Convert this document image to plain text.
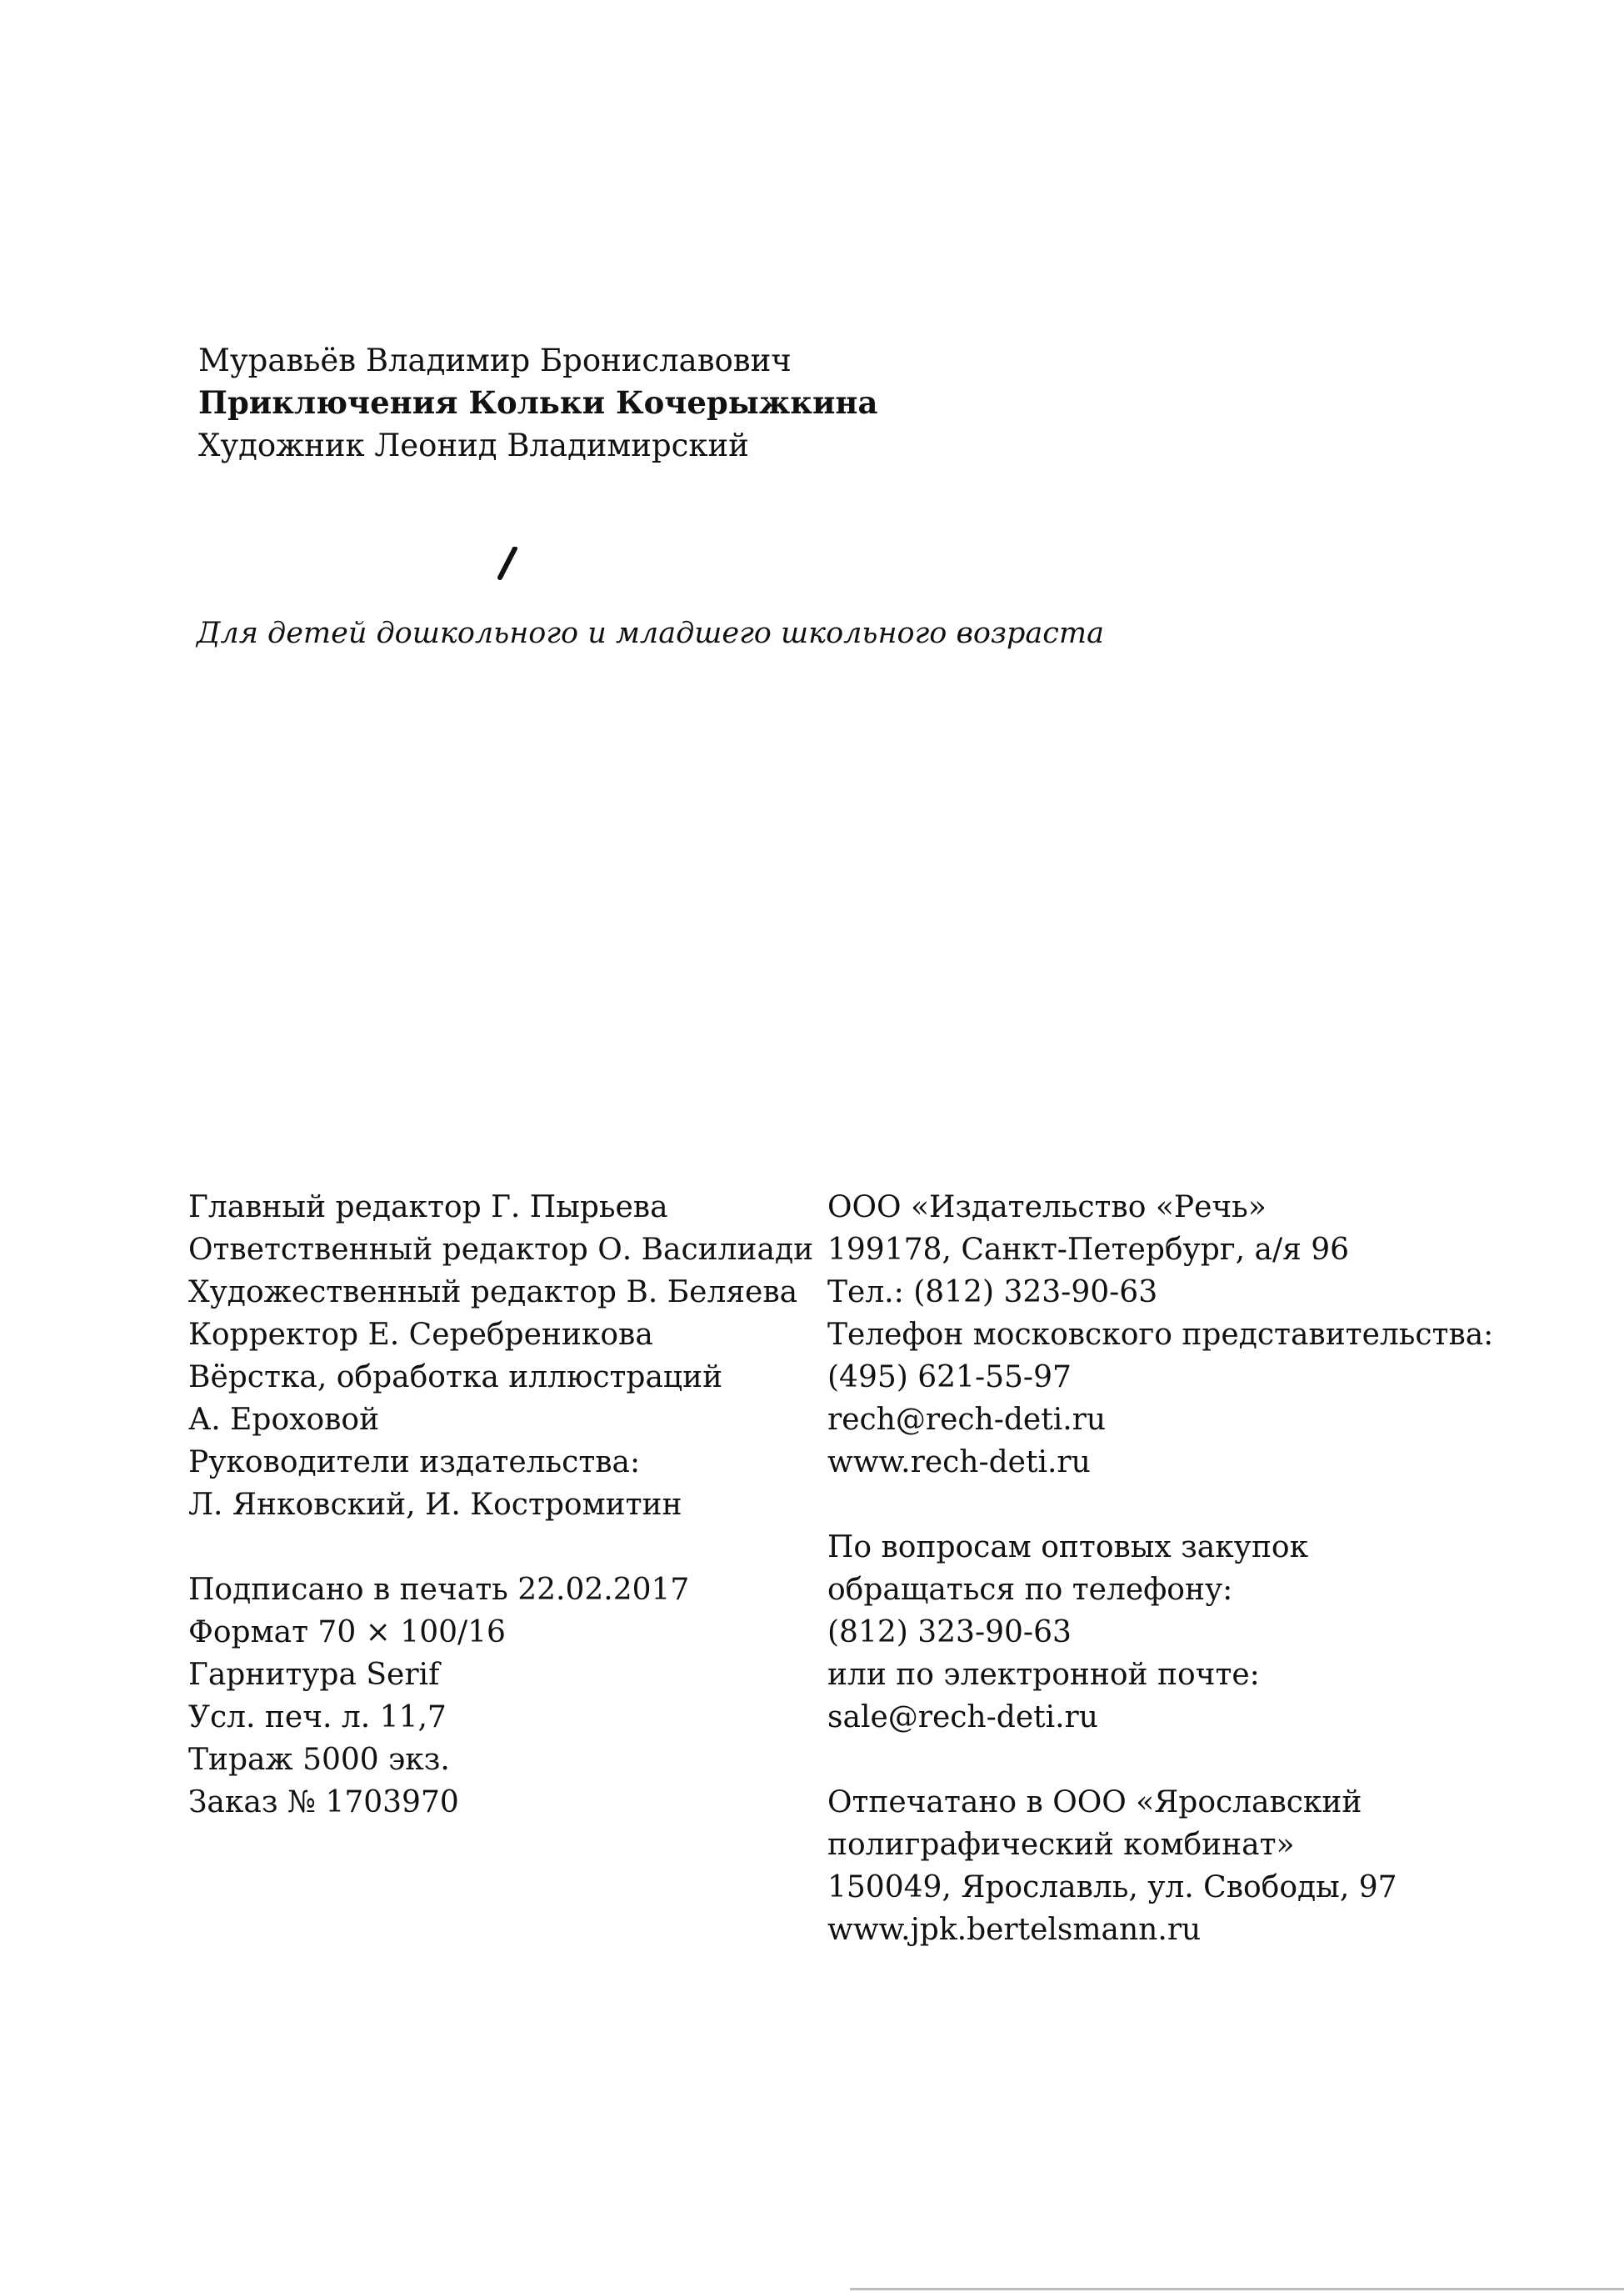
Муравьёв Владимир Брониславович
Приключения Кольки Кочерыжкина
Художник Леонид Владимирский
Для детей дошкольного и младшего школьного возраста
Главный редактор Г. Пырьева
Ответственный редактор О. Василиади
Художественный редактор В. Беляева
Корректор Е. Серебреникова
Вёрстка, обработка иллюстраций
А. Ероховой
Руководители издательства:
Л. Янковский, И. Костромитин
Подписано в печать 22.02.2017
Формат 70 × 100/16
Гарнитура Serif
Усл. печ. л. 11,7
Тираж 5000 экз.
Заказ № 1703970
ООО «Издательство «Речь»
199178, Санкт-Петербург, а/я 96
Тел.: (812) 323-90-63
Телефон московского представительства:
(495) 621-55-97
rech@rech-deti.ru
www.rech-deti.ru
По вопросам оптовых закупок
обращаться по телефону:
(812) 323-90-63
или по электронной почте:
sale@rech-deti.ru
Отпечатано в ООО «Ярославский
полиграфический комбинат»
150049, Ярославль, ул. Свободы, 97
www.jpk.bertelsmann.ru
